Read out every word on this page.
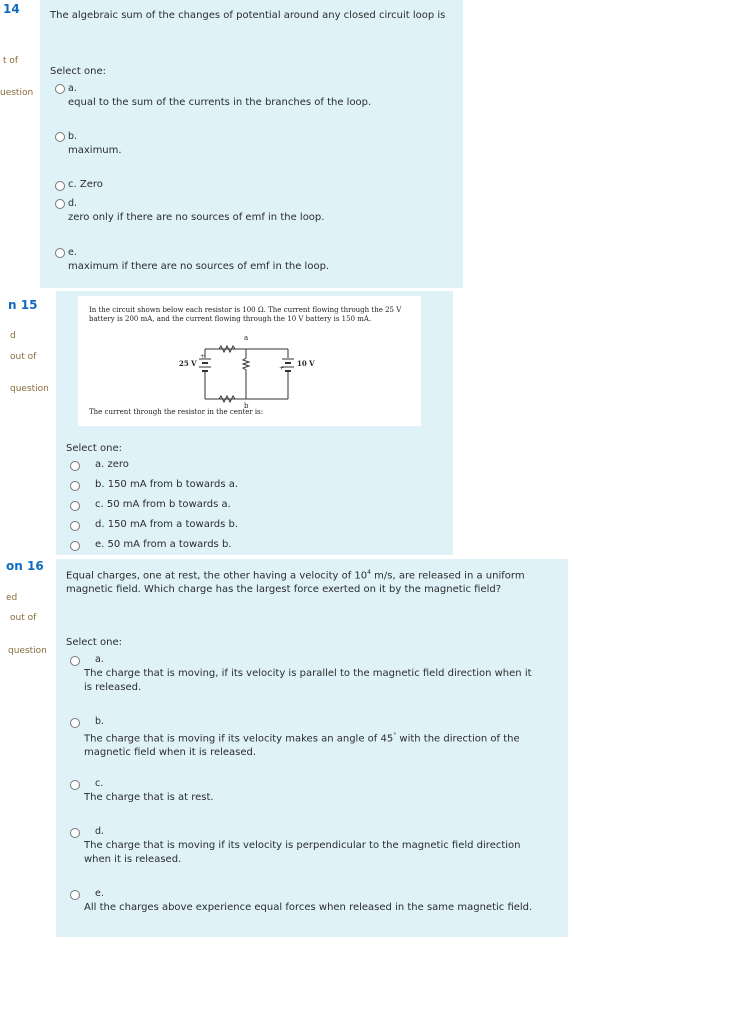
14
t of
uestion
The algebraic sum of the changes of potential around any closed circuit loop is
Select one:
a.
equal to the sum of the currents in the branches of the loop.
b.
maximum.
c. Zero
d.
zero only if there are no sources of emf in the loop.
e.
maximum if there are no sources of emf in the loop.
n 15
d
out of
question
In the circuit shown below each resistor is 100 Ω. The current flowing through the 25 V battery is 200 mA, and the current flowing through the 10 V battery is 150 mA.
+
+
a
b
25 V	10 V
The current through the resistor in the center is:
Select one:
a. zero
b. 150 mA from b towards a.
c. 50 mA from b towards a.
d. 150 mA from a towards b.
e. 50 mA from a towards b.
on 16
ed
out of
question
Equal charges, one at rest, the other having a velocity of $10^4$ m/s, are released in a uniform magnetic field. Which charge has the largest force exerted on it by the magnetic field?
Select one:
a.
The charge that is moving, if its velocity is parallel to the magnetic field direction when it is released.
b.
The charge that is moving if its velocity makes an angle of 45° with the direction of the magnetic field when it is released.
c.
The charge that is at rest.
d.
The charge that is moving if its velocity is perpendicular to the magnetic field direction when it is released.
e.
All the charges above experience equal forces when released in the same magnetic field.
